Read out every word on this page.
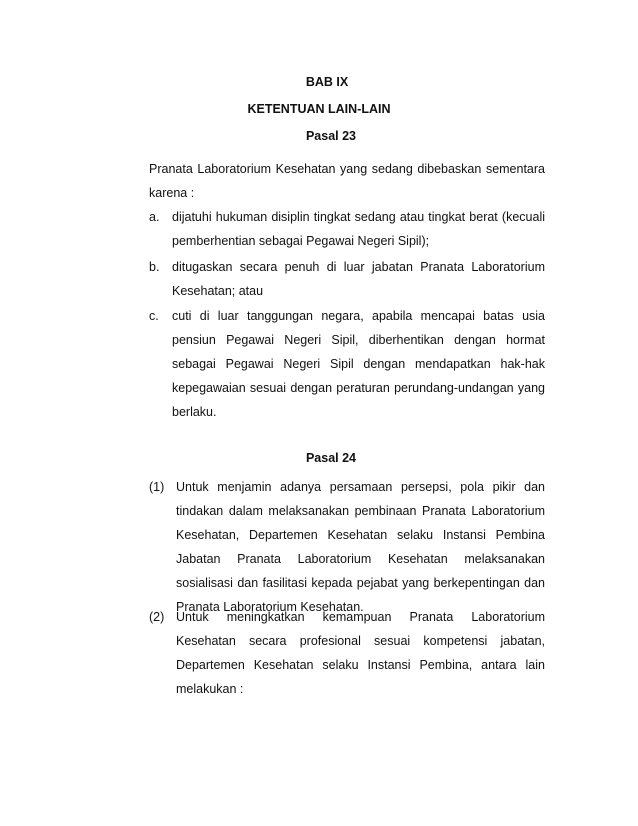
BAB IX
KETENTUAN LAIN-LAIN
Pasal 23
Pranata Laboratorium Kesehatan yang sedang dibebaskan sementara karena :
a.	dijatuhi hukuman disiplin tingkat sedang atau tingkat berat (kecuali pemberhentian sebagai Pegawai Negeri Sipil);
b.	ditugaskan secara penuh di luar jabatan Pranata Laboratorium Kesehatan; atau
c.	cuti di luar tanggungan negara, apabila mencapai batas usia pensiun Pegawai Negeri Sipil, diberhentikan dengan hormat sebagai Pegawai Negeri Sipil dengan mendapatkan hak-hak kepegawaian sesuai dengan peraturan perundang-undangan yang berlaku.
Pasal 24
(1) Untuk menjamin adanya persamaan persepsi, pola pikir dan tindakan dalam melaksanakan pembinaan Pranata Laboratorium Kesehatan, Departemen Kesehatan selaku Instansi Pembina Jabatan Pranata Laboratorium Kesehatan melaksanakan sosialisasi dan fasilitasi kepada pejabat yang berkepentingan dan Pranata Laboratorium Kesehatan.
(2) Untuk meningkatkan kemampuan Pranata Laboratorium Kesehatan secara profesional sesuai kompetensi jabatan, Departemen Kesehatan selaku Instansi Pembina, antara lain melakukan :
